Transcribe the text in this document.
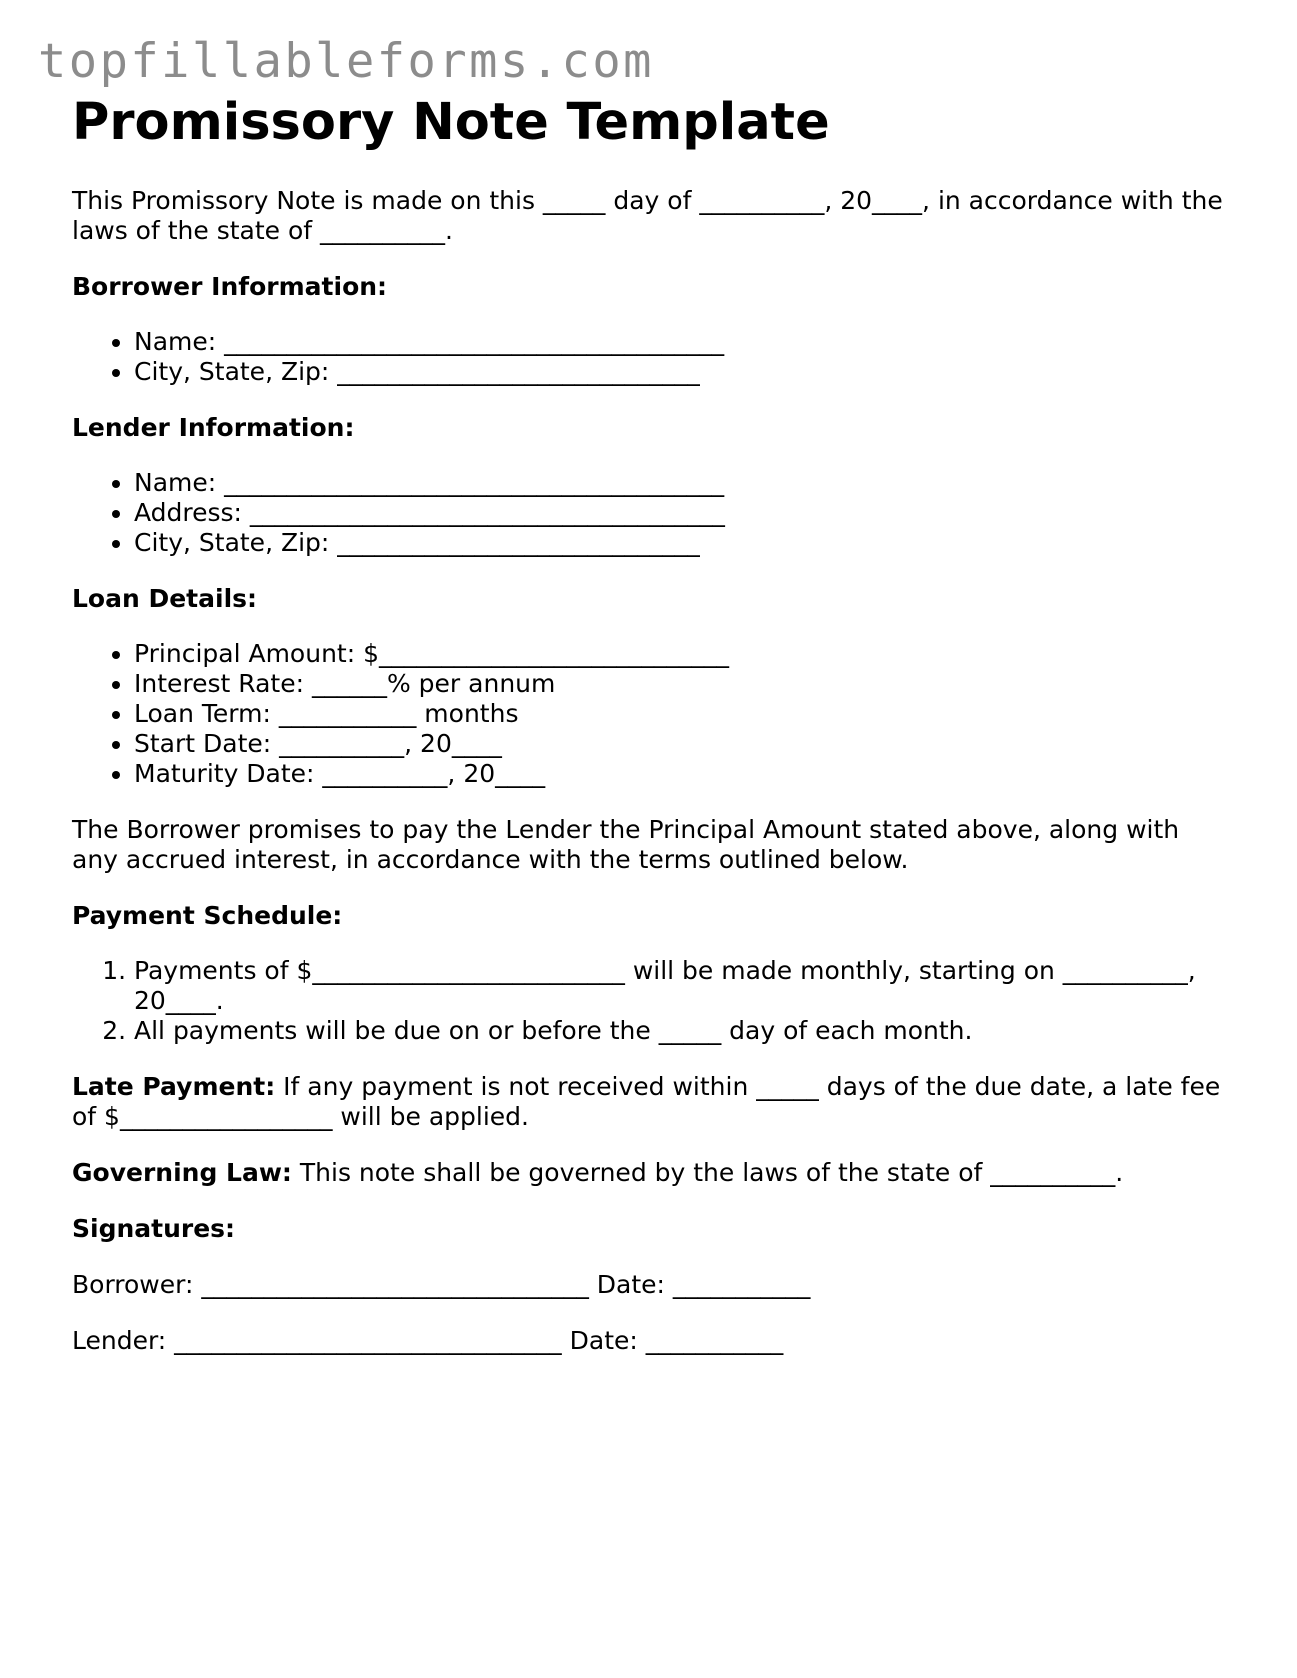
topfillableforms.com
Promissory Note Template

This Promissory Note is made on this _____ day of __________, 20____, in accordance with the laws of the state of __________.

Borrower Information:

• Name: ________________________________________
• City, State, Zip: _____________________________

Lender Information:

• Name: ________________________________________
• Address: ______________________________________
• City, State, Zip: _____________________________

Loan Details:

• Principal Amount: $____________________________
• Interest Rate: ______% per annum
• Loan Term: ___________ months
• Start Date: __________, 20____
• Maturity Date: __________, 20____

The Borrower promises to pay the Lender the Principal Amount stated above, along with any accrued interest, in accordance with the terms outlined below.

Payment Schedule:

1. Payments of $_________________________ will be made monthly, starting on __________, 20____.
2. All payments will be due on or before the _____ day of each month.

Late Payment: If any payment is not received within _____ days of the due date, a late fee of $_________________ will be applied.

Governing Law: This note shall be governed by the laws of the state of __________.

Signatures:

Borrower: _______________________________ Date: ___________

Lender: _______________________________ Date: ___________
